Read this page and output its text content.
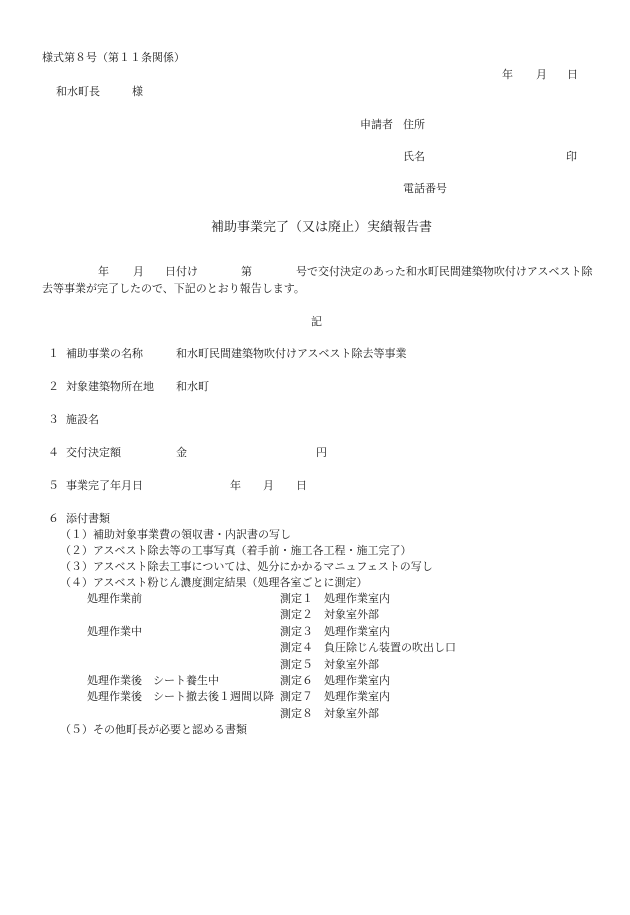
様式第８号（第１１条関係）
年 月 日
和水町長	様
申請者 住所
氏名	印
電話番号
補助事業完了（又は廃止）実績報告書
年 月 日付け	第	号で交付決定のあった和水町民間建築物吹付けアスベスト除
去等事業が完了したので、下記のとおり報告します。
記
１ 補助事業の名称	和水町民間建築物吹付けアスベスト除去等事業
２ 対象建築物所在地 和水町
３ 施設名
４ 交付決定額	金	円
５ 事業完了年月日	年 月 日
６ 添付書類
（１）補助対象事業費の領収書・内訳書の写し
（２）アスベスト除去等の工事写真（着手前・施工各工程・施工完了）
（３）アスベスト除去工事については、処分にかかるマニュフェストの写し
（４）アスベスト粉じん濃度測定結果（処理各室ごとに測定）
処理作業前	測定１　処理作業室内
測定２　対象室外部
処理作業中	測定３　処理作業室内
測定４　負圧除じん装置の吹出し口
測定５　対象室外部
処理作業後　シート養生中	測定６　処理作業室内
処理作業後　シート撤去後１週間以降 測定７　処理作業室内
測定８　対象室外部
（５）その他町長が必要と認める書類
